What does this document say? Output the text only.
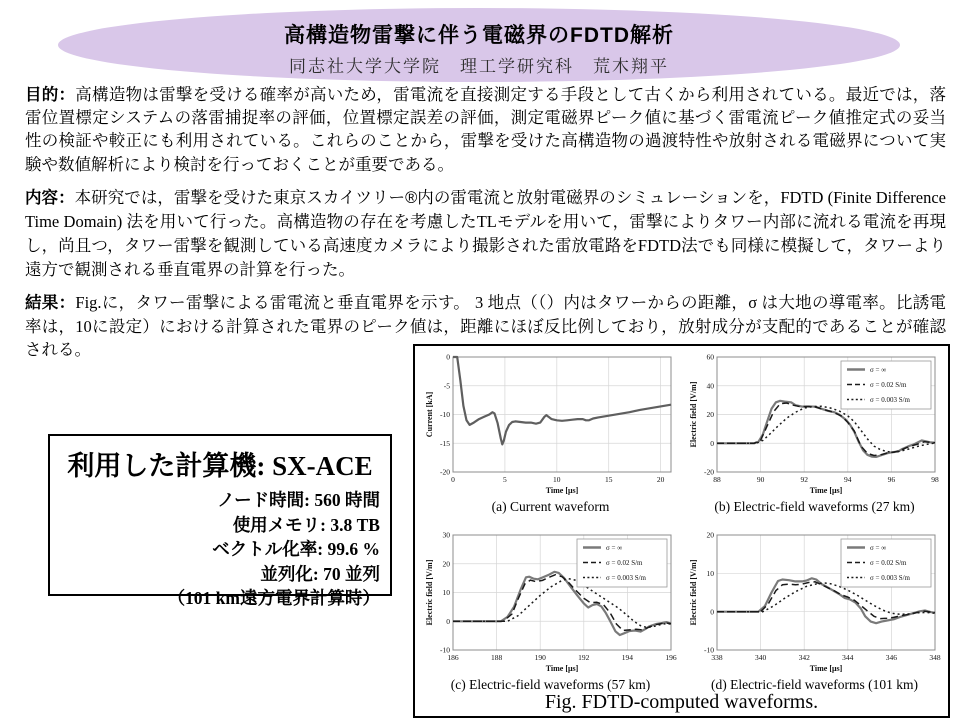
高構造物雷撃に伴う電磁界のFDTD解析
同志社大学大学院　理工学研究科　荒木翔平

目的：高構造物は雷撃を受ける確率が高いため，雷電流を直接測定する手段として古くから利用されている。最近では，落雷位置標定システムの落雷捕捉率の評価，位置標定誤差の評価，測定電磁界ピーク値に基づく雷電流ピーク値推定式の妥当性の検証や較正にも利用されている。これらのことから，雷撃を受けた高構造物の過渡特性や放射される電磁界について実験や数値解析により検討を行っておくことが重要である。

内容：本研究では，雷撃を受けた東京スカイツリー®内の雷電流と放射電磁界のシミュレーションを，FDTD (Finite Difference Time Domain) 法を用いて行った。高構造物の存在を考慮したTLモデルを用いて，雷撃によりタワー内部に流れる電流を再現し，尚且つ，タワー雷撃を観測している高速度カメラにより撮影された雷放電路をFDTD法でも同様に模擬して，タワーより遠方で観測される垂直電界の計算を行った。

結果：Fig.に，タワー雷撃による雷電流と垂直電界を示す。 3 地点（（）内はタワーからの距離，σ は大地の導電率。比誘電率は，10に設定）における計算された電界のピーク値は，距離にほぼ反比例しており，放射成分が支配的であることが確認される。

利用した計算機: SX-ACE
ノード時間: 560 時間
使用メモリ: 3.8 TB
ベクトル化率: 99.6 %
並列化: 70 並列
（101 km遠方電界計算時）
0	5	10	15	20
0
-5
-10
-15
-20
Time [μs]
Current [kA]
(a) Current waveform
88	90	92	94	96	98
-20
0
20
40
60
Time [μs]
Electric field [V/m]
σ = ∞
σ = 0.02 S/m
σ = 0.003 S/m
(b) Electric-field waveforms (27 km)
186	188	190	192	194	196
-10
0
10
20
30
Time [μs]
Electric field [V/m]
σ = ∞
σ = 0.02 S/m
σ = 0.003 S/m
(c) Electric-field waveforms (57 km)
338	340	342	344	346	348
-10
0
10
20
Time [μs]
Electric field [V/m]
σ = ∞
σ = 0.02 S/m
σ = 0.003 S/m
(d) Electric-field waveforms (101 km)
Fig. FDTD-computed waveforms.
